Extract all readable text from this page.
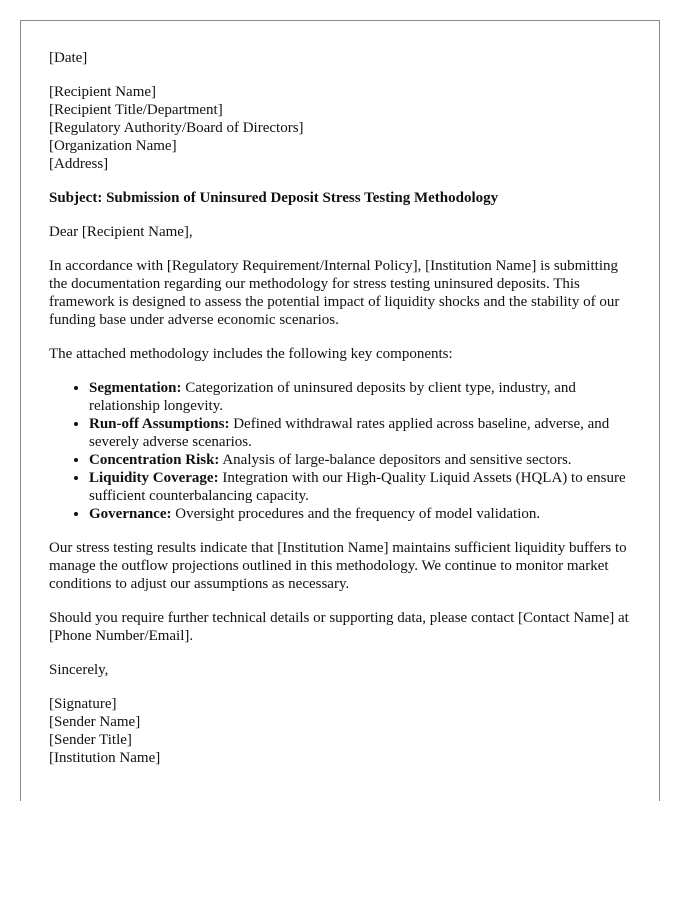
[Date]

[Recipient Name]
[Recipient Title/Department]
[Regulatory Authority/Board of Directors]
[Organization Name]
[Address]

Subject: Submission of Uninsured Deposit Stress Testing Methodology

Dear [Recipient Name],

In accordance with [Regulatory Requirement/Internal Policy], [Institution Name] is submitting the documentation regarding our methodology for stress testing uninsured deposits. This framework is designed to assess the potential impact of liquidity shocks and the stability of our funding base under adverse economic scenarios.

The attached methodology includes the following key components:

• Segmentation: Categorization of uninsured deposits by client type, industry, and relationship longevity.
• Run-off Assumptions: Defined withdrawal rates applied across baseline, adverse, and severely adverse scenarios.
• Concentration Risk: Analysis of large-balance depositors and sensitive sectors.
• Liquidity Coverage: Integration with our High-Quality Liquid Assets (HQLA) to ensure sufficient counterbalancing capacity.
• Governance: Oversight procedures and the frequency of model validation.

Our stress testing results indicate that [Institution Name] maintains sufficient liquidity buffers to manage the outflow projections outlined in this methodology. We continue to monitor market conditions to adjust our assumptions as necessary.

Should you require further technical details or supporting data, please contact [Contact Name] at [Phone Number/Email].

Sincerely,

[Signature]
[Sender Name]
[Sender Title]
[Institution Name]
